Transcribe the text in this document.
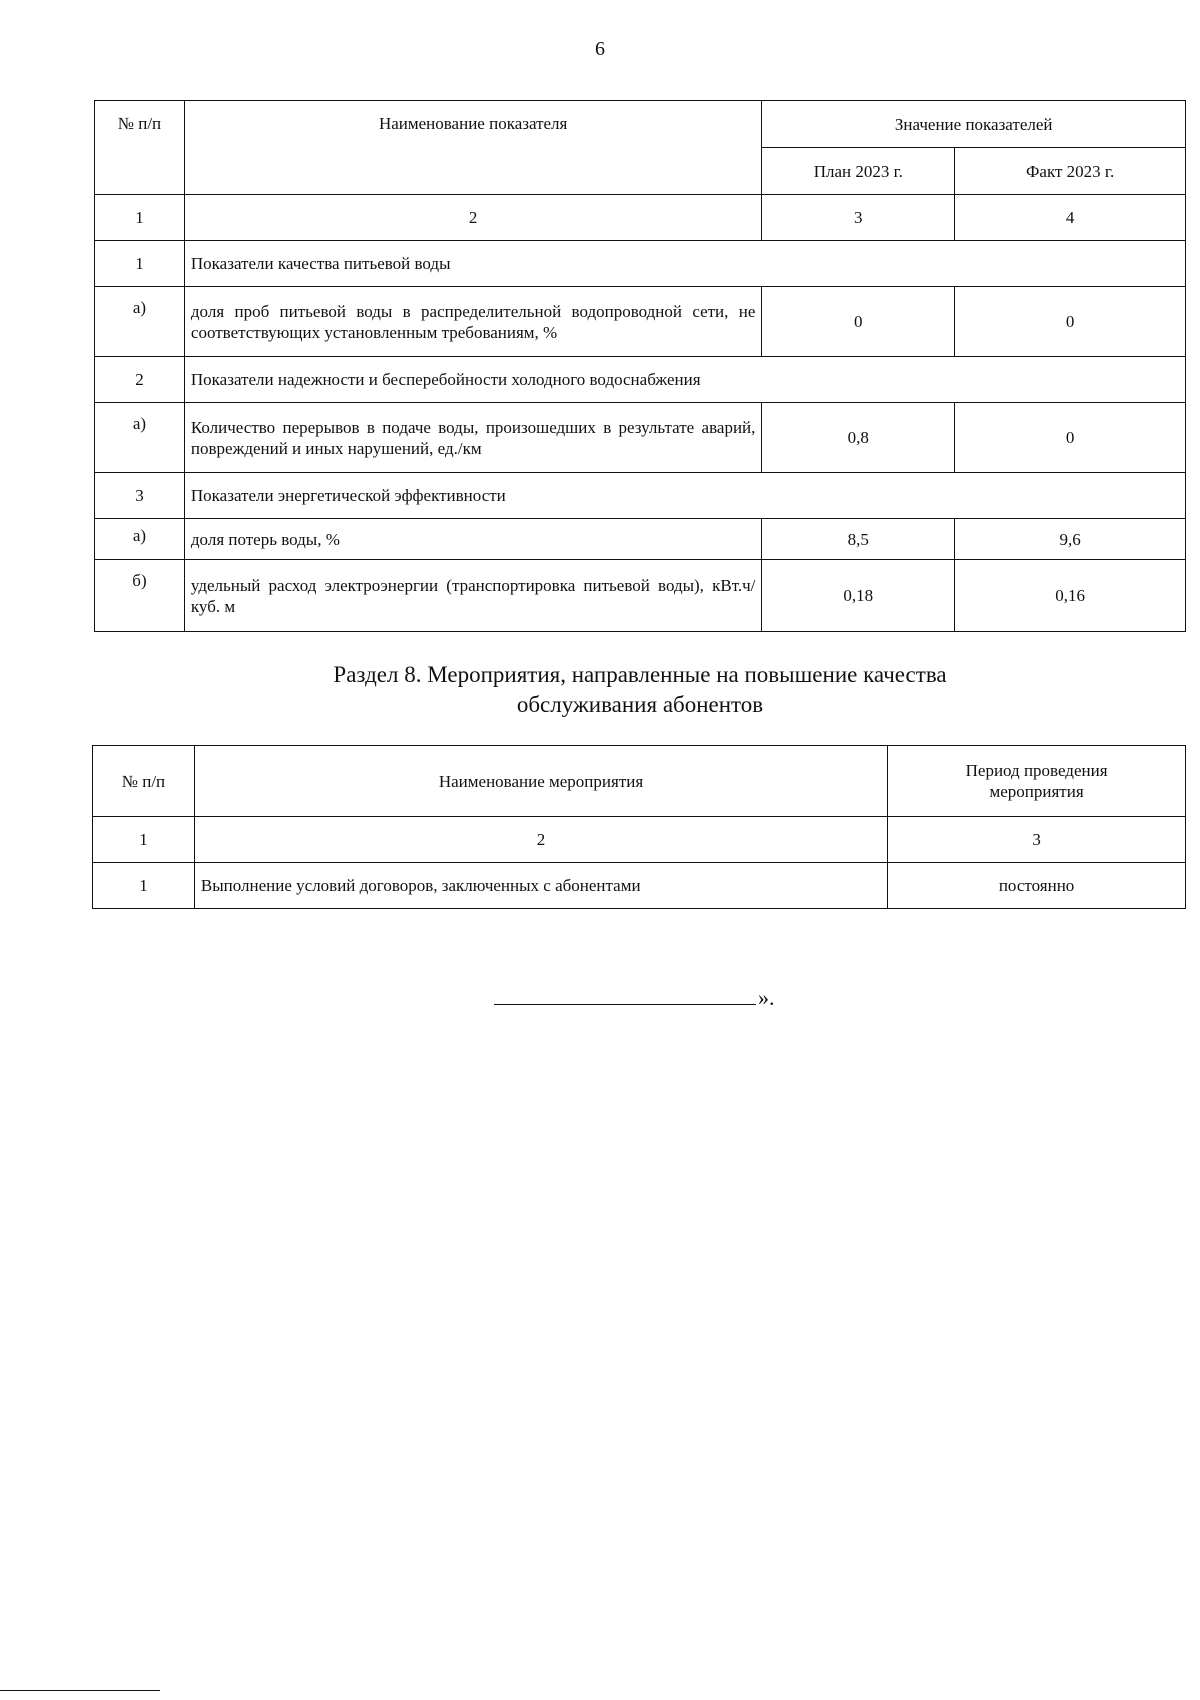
6
№ п/п	Наименование показателя	Значение показателей	
		План 2023 г.	Факт 2023 г.
1	2	3	4
1	Показатели качества питьевой воды		
а)	доля проб питьевой воды в распределительной водопроводной сети, не соответствующих установленным требованиям, %	0	0
2	Показатели надежности и бесперебойности холодного водоснабжения		
а)	Количество перерывов в подаче воды, произошедших в результате аварий, повреждений и иных нарушений, ед./км	0,8	0
3	Показатели энергетической эффективности		
а)	доля потерь воды, %	8,5	9,6
б)	удельный расход электроэнергии (транспортировка питьевой воды), кВт.ч/куб. м	0,18	0,16
Раздел 8. Мероприятия, направленные на повышение качества
обслуживания абонентов
№ п/п	Наименование мероприятия	Период проведения мероприятия
1	2	3
1	Выполнение условий договоров, заключенных с абонентами	постоянно
».
